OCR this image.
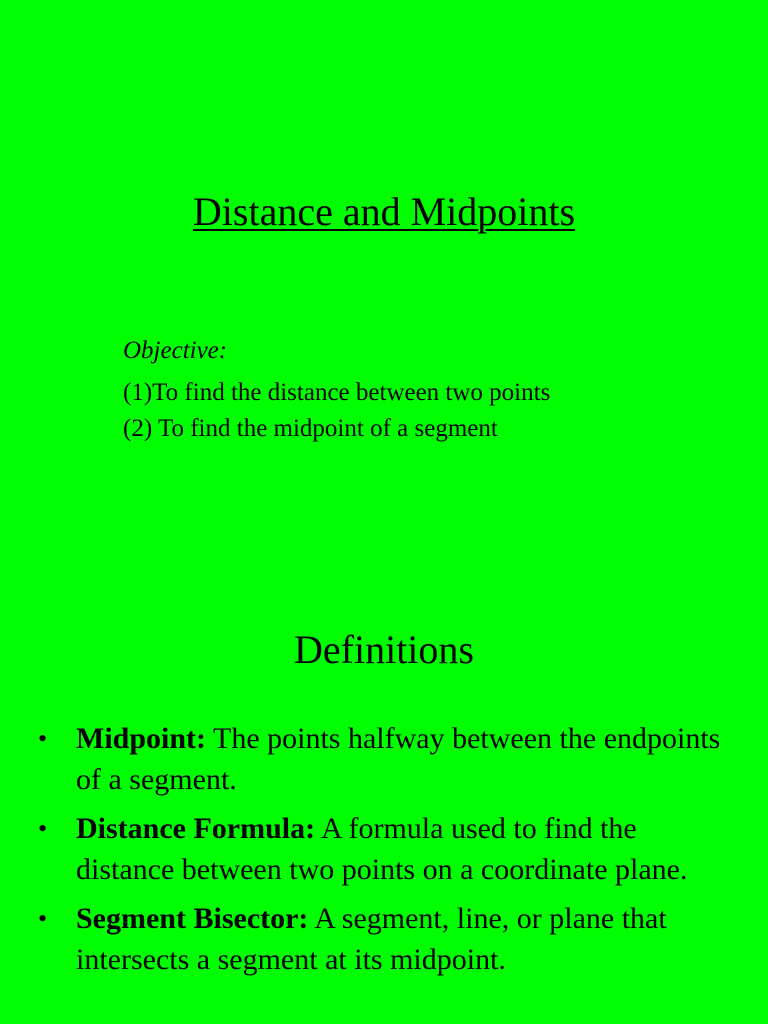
Distance and Midpoints
Objective:
(1)To find the distance between two points
(2) To find the midpoint of a segment
Definitions
• Midpoint: The points halfway between the endpoints of a segment.
• Distance Formula: A formula used to find the distance between two points on a coordinate plane.
• Segment Bisector: A segment, line, or plane that intersects a segment at its midpoint.
